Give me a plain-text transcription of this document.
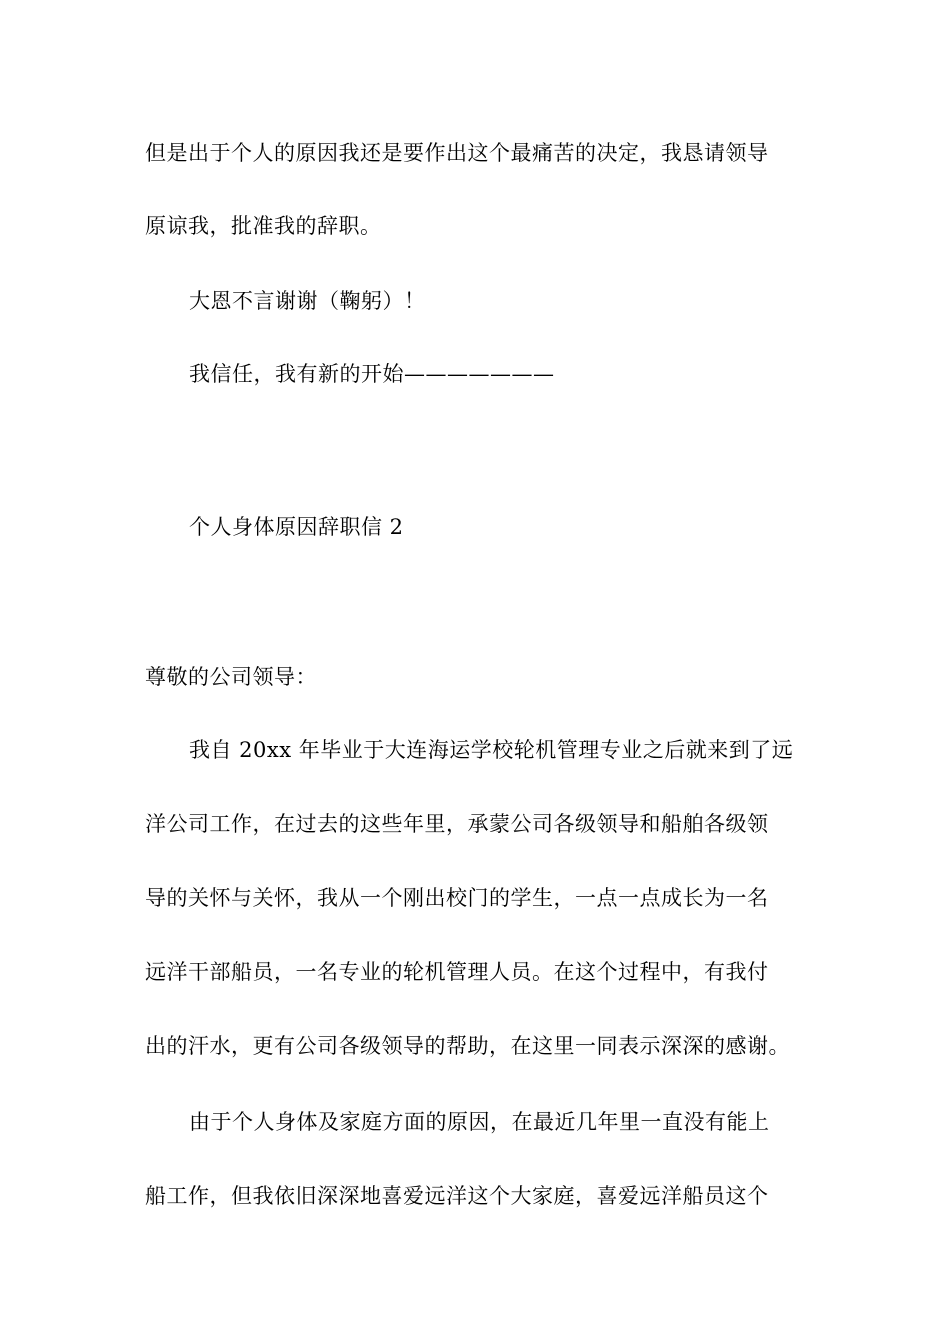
但是出于个人的原因我还是要作出这个最痛苦的决定，我恳请领导
原谅我，批准我的辞职。
大恩不言谢谢（鞠躬）！
我信任，我有新的开始———————
个人身体原因辞职信 2
尊敬的公司领导：
我自 20xx 年毕业于大连海运学校轮机管理专业之后就来到了远
洋公司工作，在过去的这些年里，承蒙公司各级领导和船舶各级领
导的关怀与关怀，我从一个刚出校门的学生，一点一点成长为一名
远洋干部船员，一名专业的轮机管理人员。在这个过程中，有我付
出的汗水，更有公司各级领导的帮助，在这里一同表示深深的感谢。
由于个人身体及家庭方面的原因，在最近几年里一直没有能上
船工作，但我依旧深深地喜爱远洋这个大家庭，喜爱远洋船员这个
